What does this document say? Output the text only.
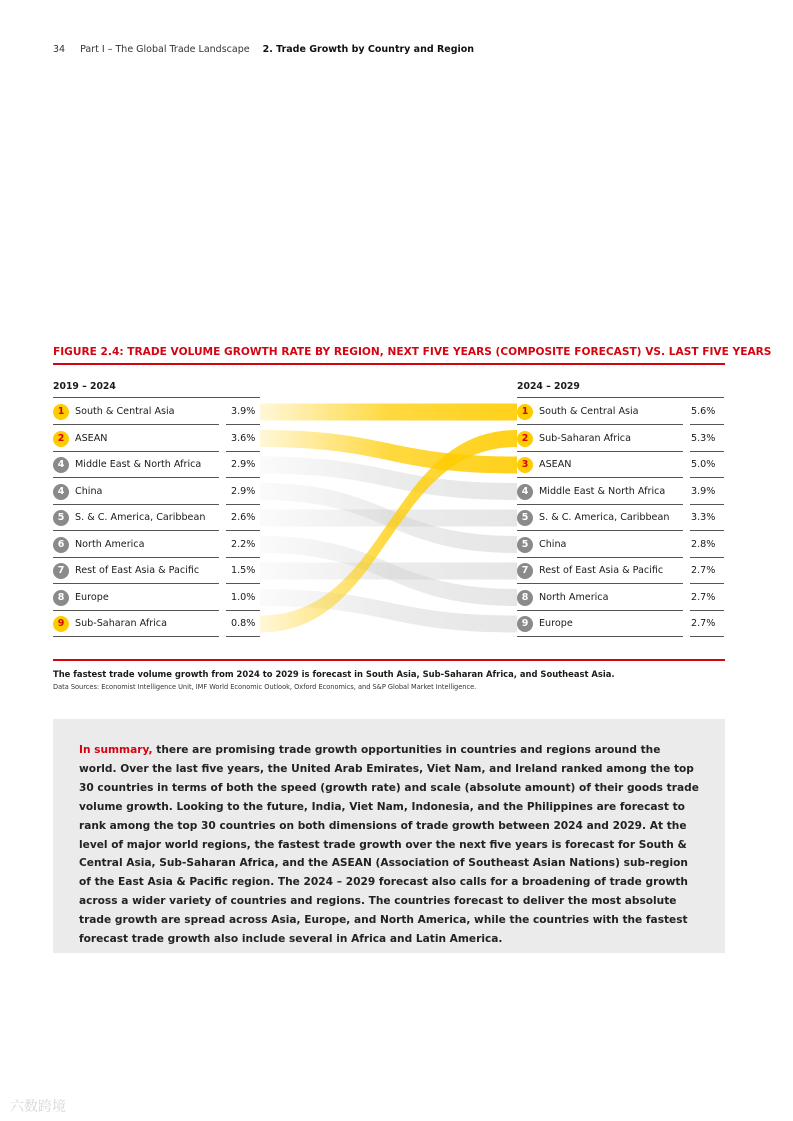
34 Part I – The Global Trade Landscape 2. Trade Growth by Country and Region
FIGURE 2.4: TRADE VOLUME GROWTH RATE BY REGION, NEXT FIVE YEARS (COMPOSITE FORECAST) VS. LAST FIVE YEARS
2019 – 2024	2024 – 2029
1	South & Central Asia	3.9%
2	ASEAN	3.6%
4	Middle East & North Africa	2.9%
4	China	2.9%
5	S. & C. America, Caribbean	2.6%
6	North America	2.2%
7	Rest of East Asia & Pacific	1.5%
8	Europe	1.0%
9	Sub-Saharan Africa	0.8%
1	South & Central Asia	5.6%
2	Sub-Saharan Africa	5.3%
3	ASEAN	5.0%
4	Middle East & North Africa	3.9%
5	S. & C. America, Caribbean 3.3%
5	China	2.8%
7	Rest of East Asia & Pacific	2.7%
8	North America	2.7%
9	Europe	2.7%
The fastest trade volume growth from 2024 to 2029 is forecast in South Asia, Sub-Saharan Africa, and Southeast Asia.
Data Sources: Economist Intelligence Unit, IMF World Economic Outlook, Oxford Economics, and S&P Global Market Intelligence.

In summary, there are promising trade growth opportunities in countries and regions around the world. Over the last five years, the United Arab Emirates, Viet Nam, and Ireland ranked among the top 30 countries in terms of both the speed (growth rate) and scale (absolute amount) of their goods trade volume growth. Looking to the future, India, Viet Nam, Indonesia, and the Philippines are forecast to rank among the top 30 countries on both dimensions of trade growth between 2024 and 2029. At the level of major world regions, the fastest trade growth over the next five years is forecast for South & Central Asia, Sub-Saharan Africa, and the ASEAN (Association of Southeast Asian Nations) sub-region of the East Asia & Pacific region. The 2024 – 2029 forecast also calls for a broadening of trade growth across a wider variety of countries and regions. The countries forecast to deliver the most absolute trade growth are spread across Asia, Europe, and North America, while the countries with the fastest forecast trade growth also include several in Africa and Latin America.

六数跨境
